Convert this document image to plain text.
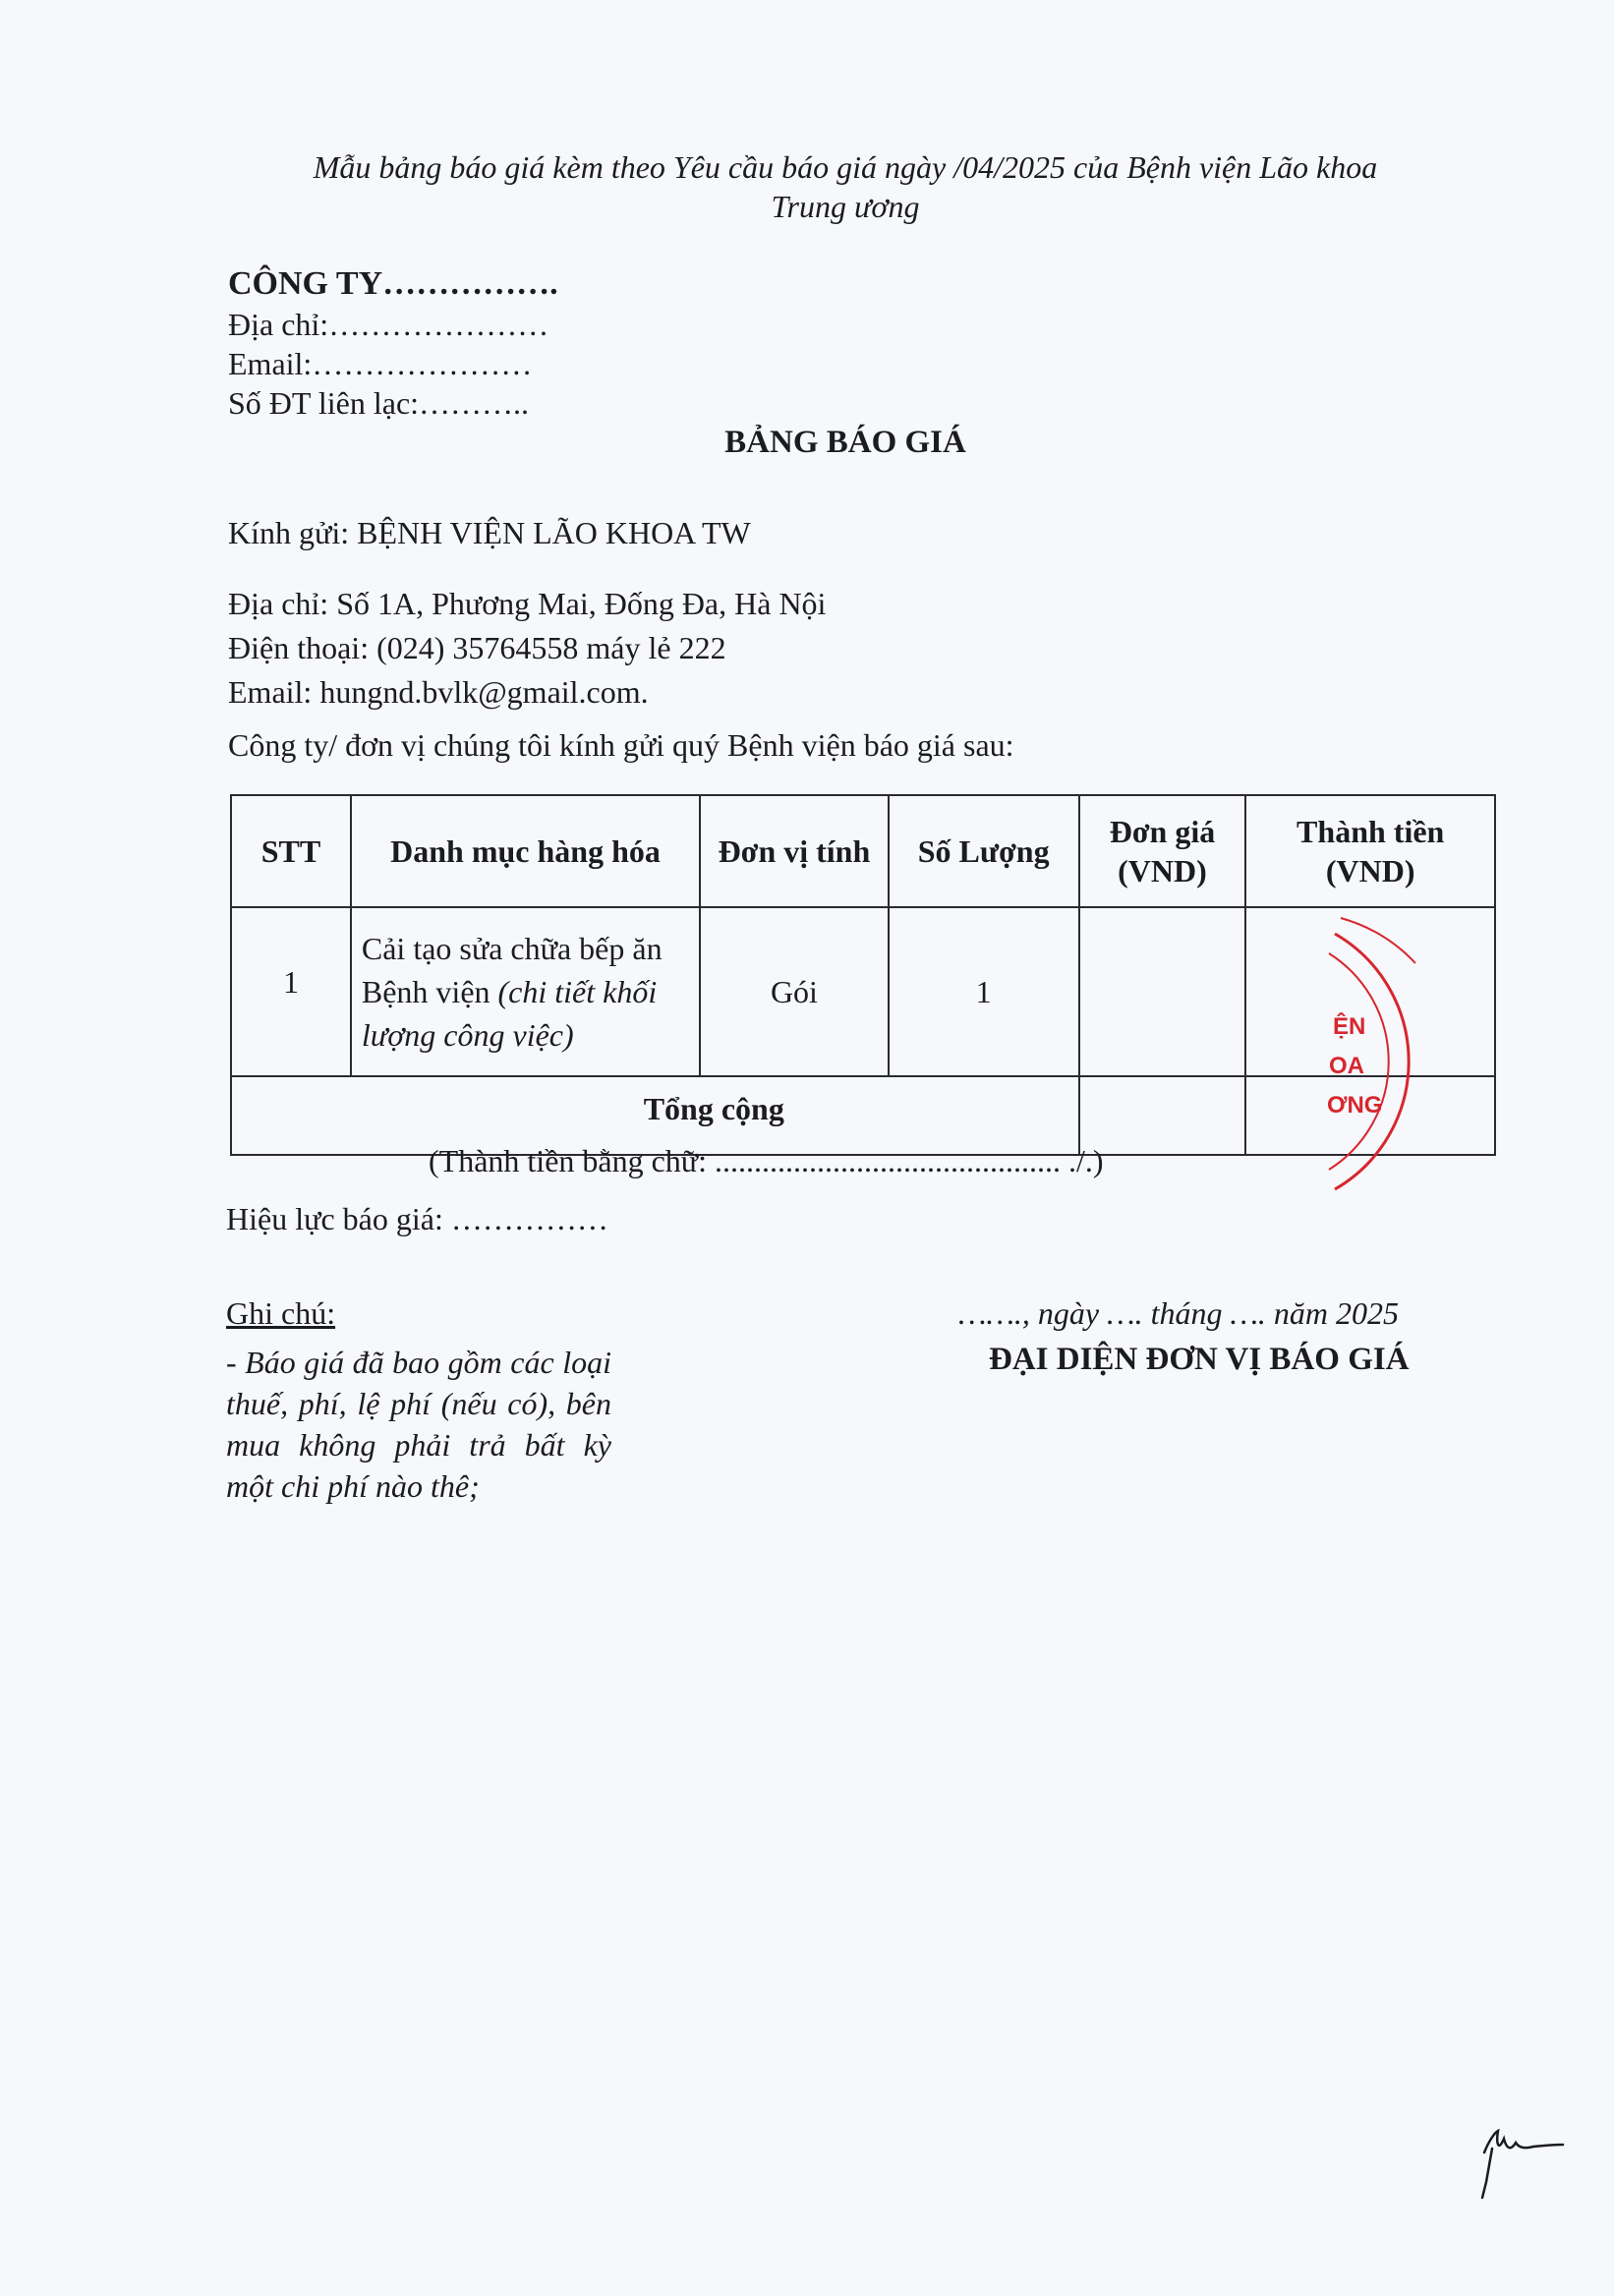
Mẫu bảng báo giá kèm theo Yêu cầu báo giá ngày /04/2025 của Bệnh viện Lão khoa
Trung ương
CÔNG TY…………….
Địa chỉ:…………………
Email:…………………
Số ĐT liên lạc:………..
BẢNG BÁO GIÁ
Kính gửi: BỆNH VIỆN LÃO KHOA TW
Địa chỉ: Số 1A, Phương Mai, Đống Đa, Hà Nội
Điện thoại: (024) 35764558 máy lẻ 222
Email: hungnd.bvlk@gmail.com.
Công ty/ đơn vị chúng tôi kính gửi quý Bệnh viện báo giá sau:
STT	Danh mục hàng hóa	Đơn vị tính	Số Lượng	Đơn giá (VND)	Thành tiền (VND)
1	Cải tạo sửa chữa bếp ăn Bệnh viện (chi tiết khối lượng công việc)	Gói	1		
Tổng cộng					
ỆN
OA
ƠNG
(Thành tiền bằng chữ: ............................................ ./.)
Hiệu lực báo giá: ……………
Ghi chú:
- Báo giá đã bao gồm các loại thuế, phí, lệ phí (nếu có), bên mua không phải trả bất kỳ một chi phí nào thê;
……., ngày …. tháng …. năm 2025
ĐẠI DIỆN ĐƠN VỊ BÁO GIÁ
